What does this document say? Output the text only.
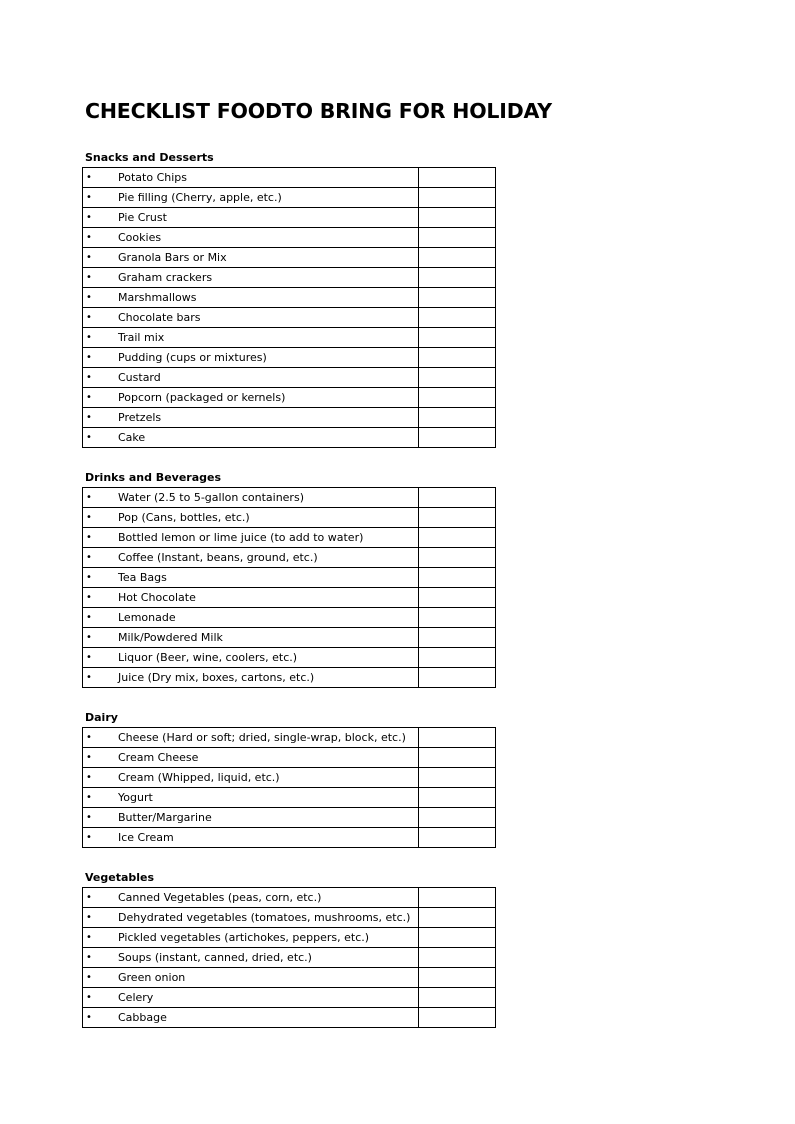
CHECKLIST FOODTO BRING FOR HOLIDAY
Snacks and Desserts
• Potato Chips	

• Pie filling (Cherry, apple, etc.)	

• Pie Crust	

• Cookies	

• Granola Bars or Mix	

• Graham crackers	

• Marshmallows	

• Chocolate bars	

• Trail mix	

• Pudding (cups or mixtures)	

• Custard	

• Popcorn (packaged or kernels)	

• Pretzels	

• Cake	

Drinks and Beverages
• Water (2.5 to 5-gallon containers)	

• Pop (Cans, bottles, etc.)	

• Bottled lemon or lime juice (to add to water)	

• Coffee (Instant, beans, ground, etc.)	

• Tea Bags	

• Hot Chocolate	

• Lemonade	

• Milk/Powdered Milk	

• Liquor (Beer, wine, coolers, etc.)	

• Juice (Dry mix, boxes, cartons, etc.)	

Dairy
• Cheese (Hard or soft; dried, single-wrap, block, etc.)	

• Cream Cheese	

• Cream (Whipped, liquid, etc.)	

• Yogurt	

• Butter/Margarine	

• Ice Cream	

Vegetables
• Canned Vegetables (peas, corn, etc.)	

• Dehydrated vegetables (tomatoes, mushrooms, etc.)	

• Pickled vegetables (artichokes, peppers, etc.)	

• Soups (instant, canned, dried, etc.)	

• Green onion	

• Celery	

• Cabbage	
